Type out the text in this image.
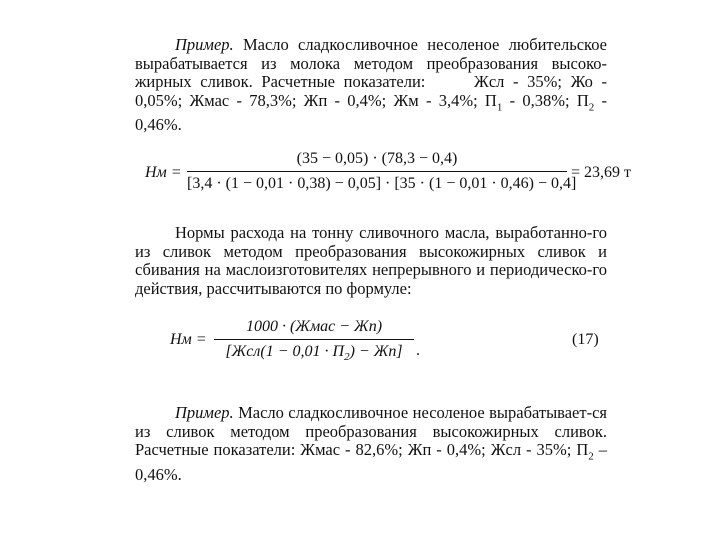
Пример. Масло сладкосливочное несоленое любительское вырабатывается из молока методом преобразования высоко-жирных сливок. Расчетные показатели:	Жсл - 35%; Жо - 0,05%; Жмас - 78,3%; Жп - 0,4%; Жм - 3,4%; $П_1 - 0,38\%$; $П_2 - 0,46\%$.

Нм =
(35 − 0,05) · (78,3 − 0,4)
[3,4 · (1 − 0,01 · 0,38) − 0,05] · [35 · (1 − 0,01 · 0,46) − 0,4]
= 23,69 т

Нормы расхода на тонну сливочного масла, выработанно-го из сливок методом преобразования высокожирных сливок и сбивания на маслоизготовителях непрерывного и периодическо-го действия, рассчитываются по формуле:

Нм =
1000 · (Жмас − Жп)
$[Жсл(1 - 0,01 \cdot П_2) - Жп]$ .
(17)

Пример. Масло сладкосливочное несоленое вырабатывает-ся из сливок методом преобразования высокожирных сливок. Расчетные показатели: Жмас - 82,6%; Жп - 0,4%; Жсл - 35%; $П_2 - 0,46\%$.
